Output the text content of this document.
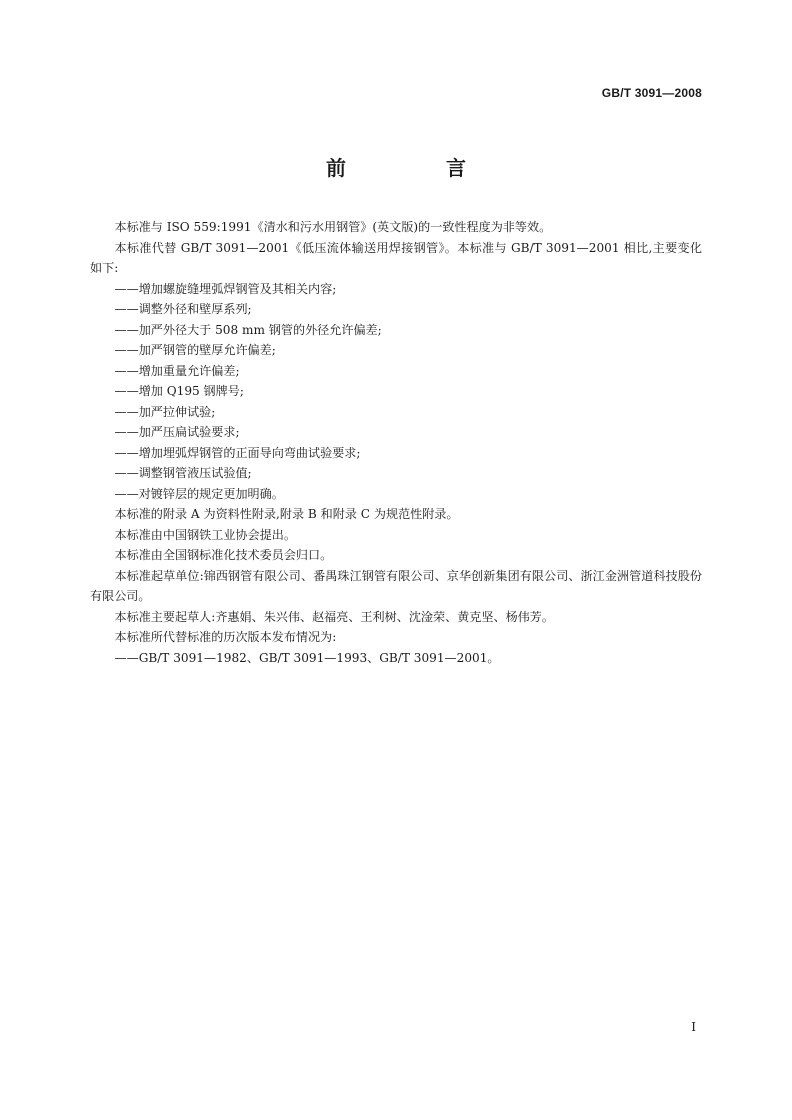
GB/T 3091—2008
前　言

本标准与 ISO 559:1991《清水和污水用钢管》(英文版)的一致性程度为非等效。

本标准代替 GB/T 3091—2001《低压流体输送用焊接钢管》。本标准与 GB/T 3091—2001 相比,主要变化如下:

——增加螺旋缝埋弧焊钢管及其相关内容;

——调整外径和壁厚系列;

——加严外径大于 508 mm 钢管的外径允许偏差;

——加严钢管的壁厚允许偏差;

——增加重量允许偏差;

——增加 Q195 钢牌号;

——加严拉伸试验;

——加严压扁试验要求;

——增加埋弧焊钢管的正面导向弯曲试验要求;

——调整钢管液压试验值;

——对镀锌层的规定更加明确。

本标准的附录 A 为资料性附录,附录 B 和附录 C 为规范性附录。

本标准由中国钢铁工业协会提出。

本标准由全国钢标准化技术委员会归口。

本标准起草单位:锦西钢管有限公司、番禺珠江钢管有限公司、京华创新集团有限公司、浙江金洲管道科技股份有限公司。

本标准主要起草人:齐惠娟、朱兴伟、赵福亮、王利树、沈淦荣、黄克坚、杨伟芳。

本标准所代替标准的历次版本发布情况为:

——GB/T 3091—1982、GB/T 3091—1993、GB/T 3091—2001。

I
